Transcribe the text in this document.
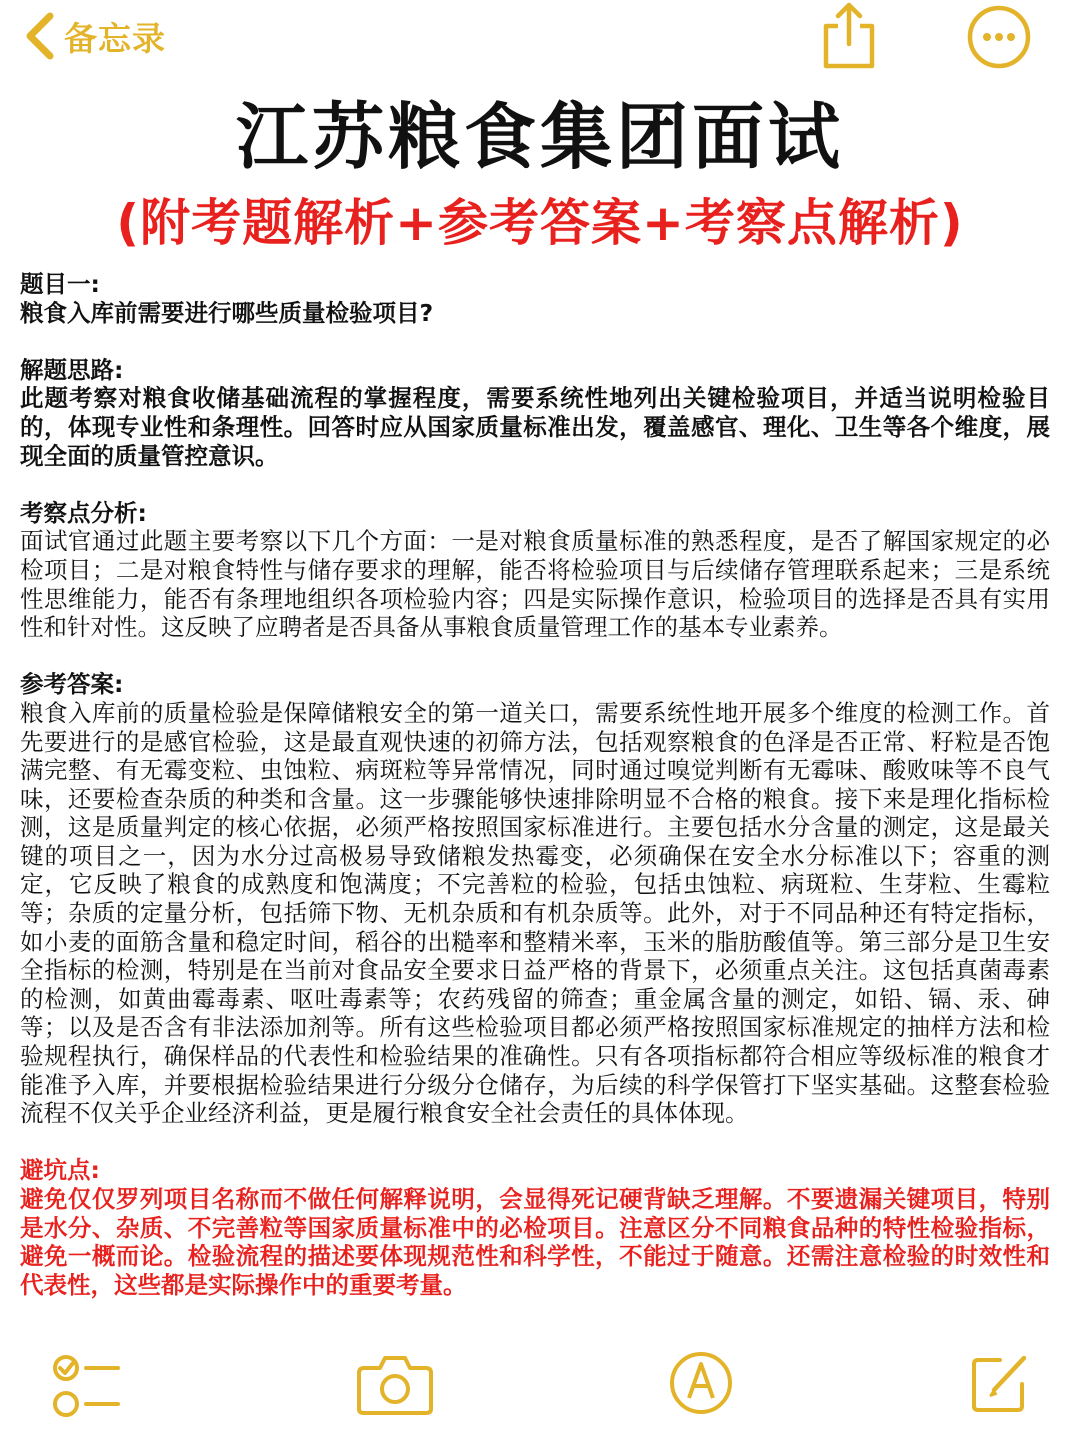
备忘录
江苏粮食集团面试
(附考题解析+参考答案+考察点解析)
题目一:
粮食入库前需要进行哪些质量检验项目?
解题思路:
此题考察对粮食收储基础流程的掌握程度，需要系统性地列出关键检验项目，并适当说明检验目的，体现专业性和条理性。回答时应从国家质量标准出发，覆盖感官、理化、卫生等各个维度，展现全面的质量管控意识。
考察点分析:
面试官通过此题主要考察以下几个方面：一是对粮食质量标准的熟悉程度，是否了解国家规定的必检项目；二是对粮食特性与储存要求的理解，能否将检验项目与后续储存管理联系起来；三是系统性思维能力，能否有条理地组织各项检验内容；四是实际操作意识，检验项目的选择是否具有实用性和针对性。这反映了应聘者是否具备从事粮食质量管理工作的基本专业素养。
参考答案:
粮食入库前的质量检验是保障储粮安全的第一道关口，需要系统性地开展多个维度的检测工作。首先要进行的是感官检验，这是最直观快速的初筛方法，包括观察粮食的色泽是否正常、籽粒是否饱满完整、有无霉变粒、虫蚀粒、病斑粒等异常情况，同时通过嗅觉判断有无霉味、酸败味等不良气味，还要检查杂质的种类和含量。这一步骤能够快速排除明显不合格的粮食。接下来是理化指标检测，这是质量判定的核心依据，必须严格按照国家标准进行。主要包括水分含量的测定，这是最关键的项目之一，因为水分过高极易导致储粮发热霉变，必须确保在安全水分标准以下；容重的测定，它反映了粮食的成熟度和饱满度；不完善粒的检验，包括虫蚀粒、病斑粒、生芽粒、生霉粒等；杂质的定量分析，包括筛下物、无机杂质和有机杂质等。此外，对于不同品种还有特定指标，如小麦的面筋含量和稳定时间，稻谷的出糙率和整精米率，玉米的脂肪酸值等。第三部分是卫生安全指标的检测，特别是在当前对食品安全要求日益严格的背景下，必须重点关注。这包括真菌毒素的检测，如黄曲霉毒素、呕吐毒素等；农药残留的筛查；重金属含量的测定，如铅、镉、汞、砷等；以及是否含有非法添加剂等。所有这些检验项目都必须严格按照国家标准规定的抽样方法和检验规程执行，确保样品的代表性和检验结果的准确性。只有各项指标都符合相应等级标准的粮食才能准予入库，并要根据检验结果进行分级分仓储存，为后续的科学保管打下坚实基础。这整套检验流程不仅关乎企业经济利益，更是履行粮食安全社会责任的具体体现。
避坑点:
避免仅仅罗列项目名称而不做任何解释说明，会显得死记硬背缺乏理解。不要遗漏关键项目，特别是水分、杂质、不完善粒等国家质量标准中的必检项目。注意区分不同粮食品种的特性检验指标，避免一概而论。检验流程的描述要体现规范性和科学性，不能过于随意。还需注意检验的时效性和代表性，这些都是实际操作中的重要考量。
